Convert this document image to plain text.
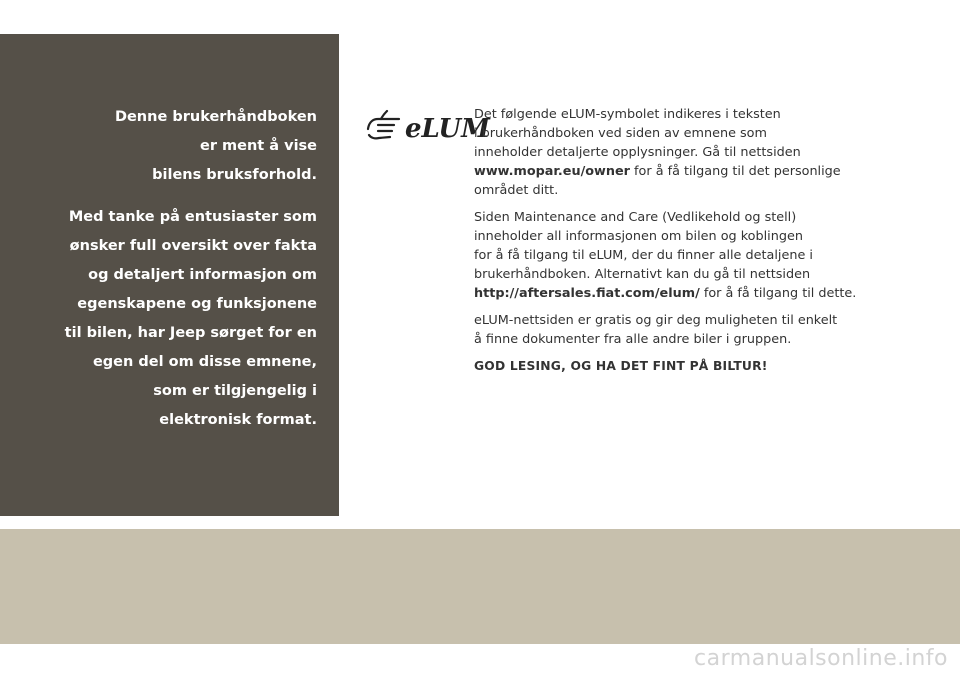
Denne brukerhåndboken
er ment å vise
bilens bruksforhold.
Med tanke på entusiaster som
ønsker full oversikt over fakta
og detaljert informasjon om
egenskapene og funksjonene
til bilen, har Jeep sørget for en
egen del om disse emnene,
som er tilgjengelig i
elektronisk format.
eLUM

Det følgende eLUM-symbolet indikeres i teksten
i brukerhåndboken ved siden av emnene som
inneholder detaljerte opplysninger. Gå til nettsiden
www.mopar.eu/owner for å få tilgang til det personlige
området ditt.

Siden Maintenance and Care (Vedlikehold og stell)
inneholder all informasjonen om bilen og koblingen
for å få tilgang til eLUM, der du finner alle detaljene i
brukerhåndboken. Alternativt kan du gå til nettsiden
http://aftersales.fiat.com/elum/ for å få tilgang til dette.

eLUM-nettsiden er gratis og gir deg muligheten til enkelt
å finne dokumenter fra alle andre biler i gruppen.

GOD LESING, OG HA DET FINT PÅ BILTUR!

carmanualsonline.info
